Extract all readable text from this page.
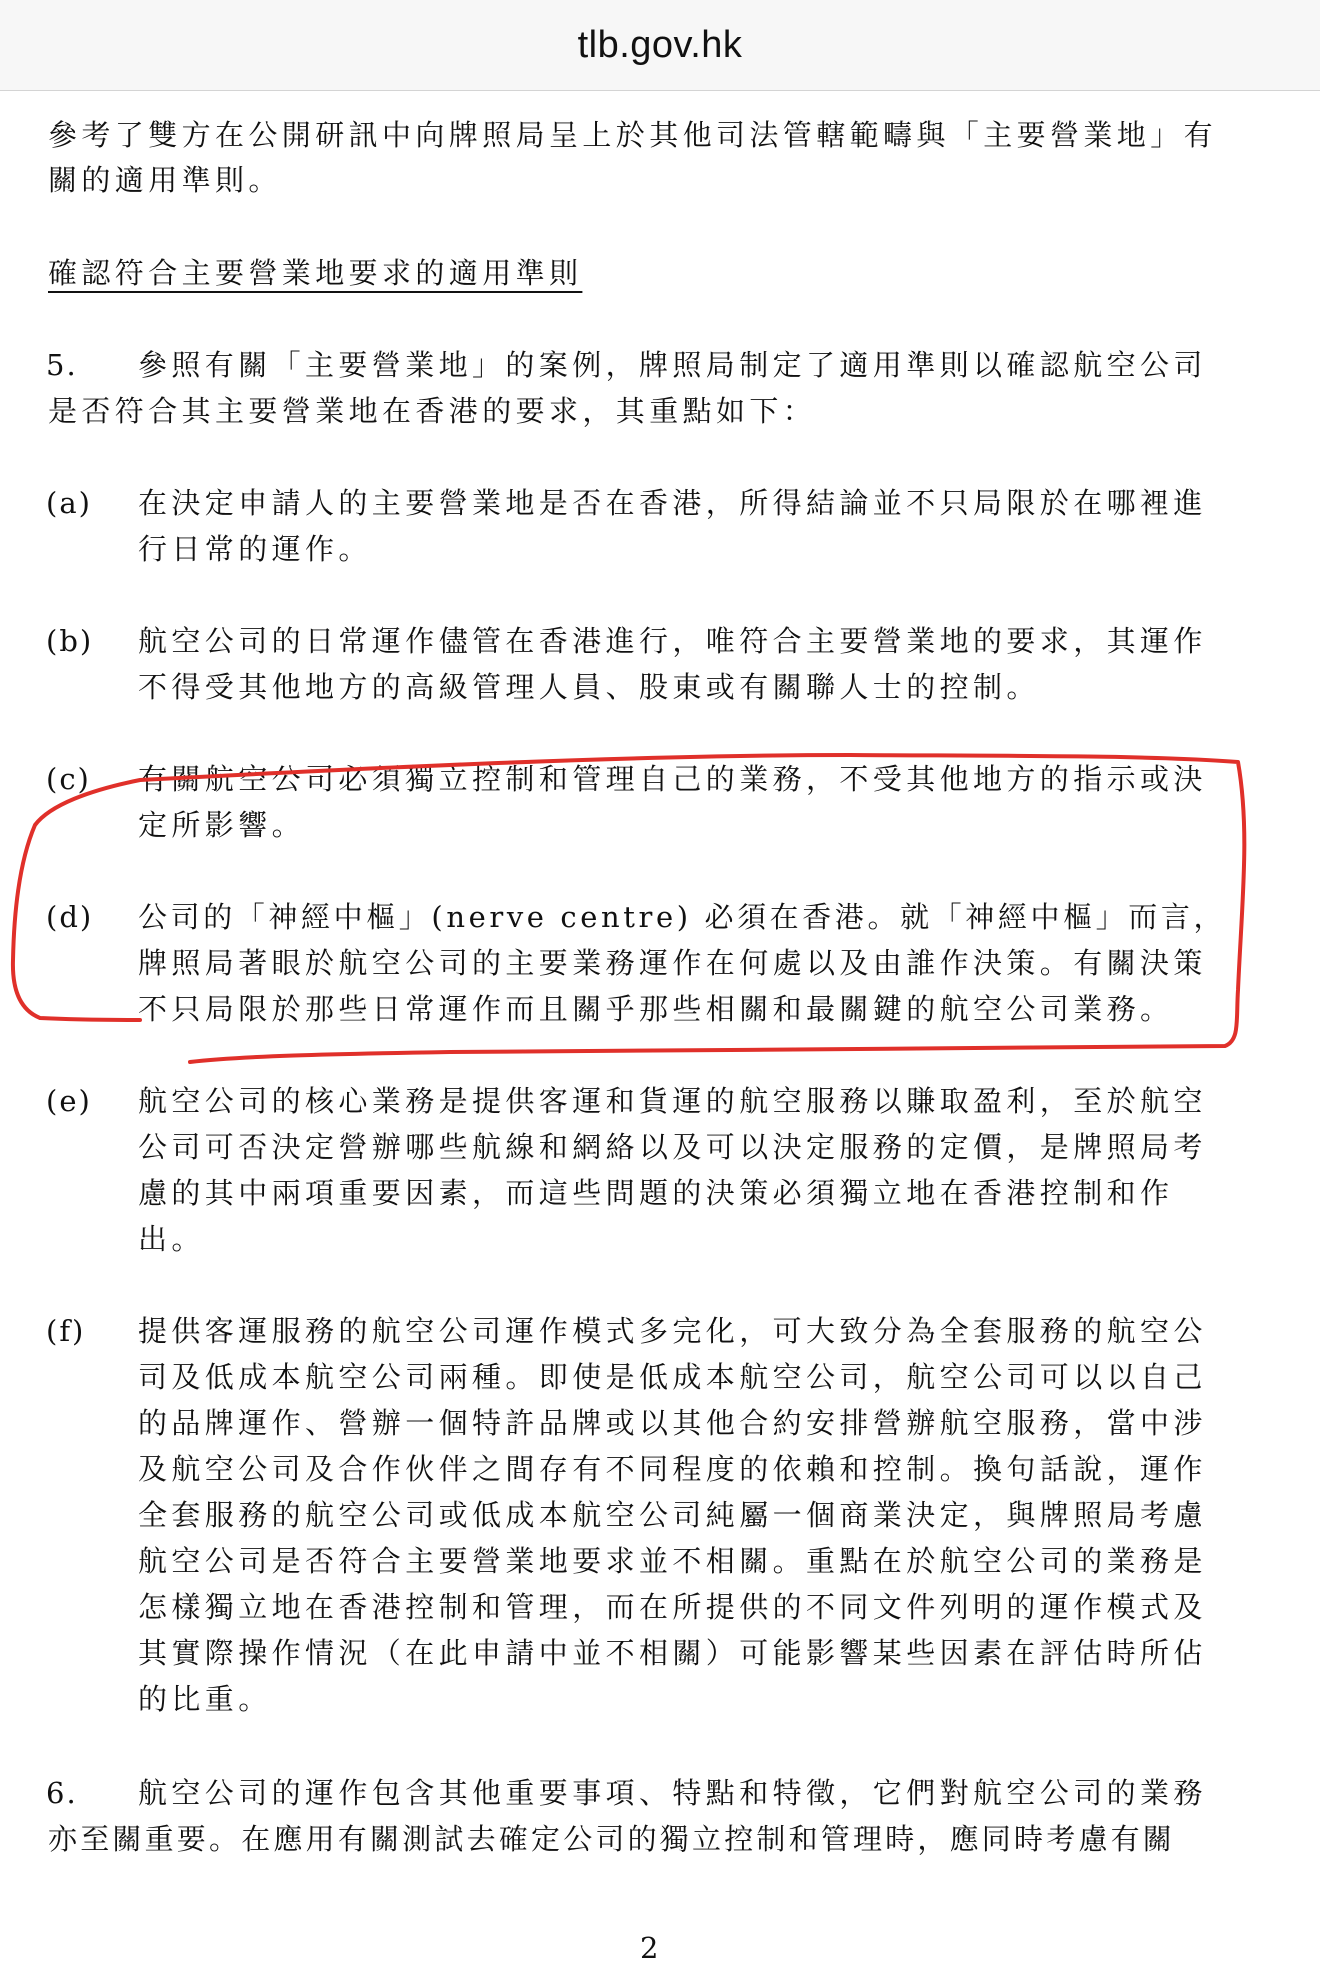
tlb.gov.hk
參考了雙方在公開研訊中向牌照局呈上於其他司法管轄範疇與「主要營業地」有
關的適用準則。
確認符合主要營業地要求的適用準則
5. 參照有關「主要營業地」的案例，牌照局制定了適用準則以確認航空公司
是否符合其主要營業地在香港的要求，其重點如下：
(a) 在決定申請人的主要營業地是否在香港，所得結論並不只局限於在哪裡進
行日常的運作。
(b) 航空公司的日常運作儘管在香港進行，唯符合主要營業地的要求，其運作
不得受其他地方的高級管理人員、股東或有關聯人士的控制。
(c) 有關航空公司必須獨立控制和管理自己的業務，不受其他地方的指示或決
定所影響。
(d) 公司的「神經中樞」(nerve centre) 必須在香港。就「神經中樞」而言，
牌照局著眼於航空公司的主要業務運作在何處以及由誰作決策。有關決策
不只局限於那些日常運作而且關乎那些相關和最關鍵的航空公司業務。
(e) 航空公司的核心業務是提供客運和貨運的航空服務以賺取盈利，至於航空
公司可否決定營辦哪些航線和網絡以及可以決定服務的定價，是牌照局考
慮的其中兩項重要因素，而這些問題的決策必須獨立地在香港控制和作
出。
(f) 提供客運服務的航空公司運作模式多完化，可大致分為全套服務的航空公
司及低成本航空公司兩種。即使是低成本航空公司，航空公司可以以自己
的品牌運作、營辦一個特許品牌或以其他合約安排營辦航空服務，當中涉
及航空公司及合作伙伴之間存有不同程度的依賴和控制。換句話說，運作
全套服務的航空公司或低成本航空公司純屬一個商業決定，與牌照局考慮
航空公司是否符合主要營業地要求並不相關。重點在於航空公司的業務是
怎樣獨立地在香港控制和管理，而在所提供的不同文件列明的運作模式及
其實際操作情況（在此申請中並不相關）可能影響某些因素在評估時所佔
的比重。
6. 航空公司的運作包含其他重要事項、特點和特徵，它們對航空公司的業務
亦至關重要。在應用有關測試去確定公司的獨立控制和管理時，應同時考慮有關
2
